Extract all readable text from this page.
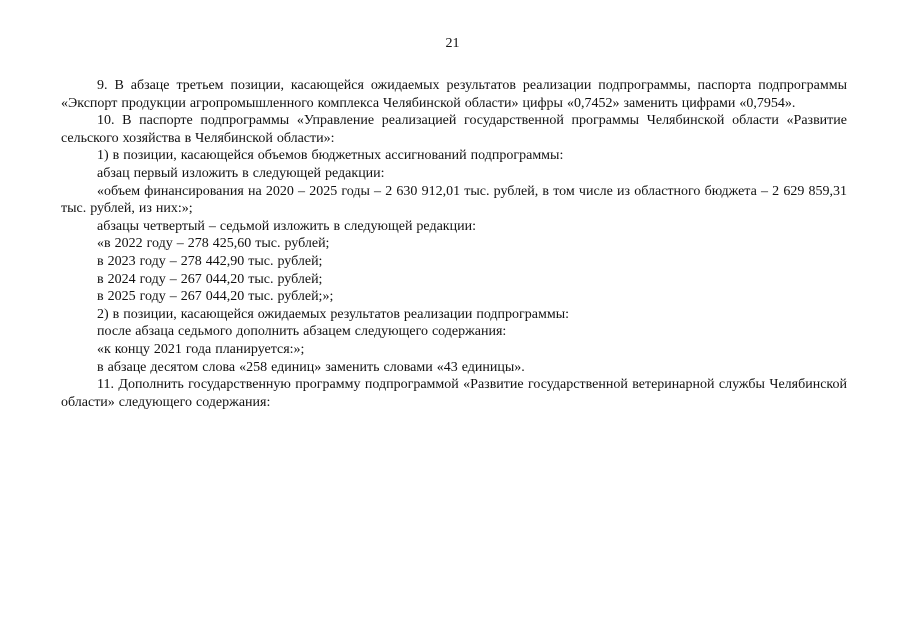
21

9. В абзаце третьем позиции, касающейся ожидаемых результатов реализации подпрограммы, паспорта подпрограммы «Экспорт продукции агропромышленного комплекса Челябинской области» цифры «0,7452» заменить цифрами «0,7954».

10. В паспорте подпрограммы «Управление реализацией государственной программы Челябинской области «Развитие сельского хозяйства в Челябинской области»:

1) в позиции, касающейся объемов бюджетных ассигнований подпрограммы:

абзац первый изложить в следующей редакции:

«объем финансирования на 2020 – 2025 годы – 2 630 912,01 тыс. рублей, в том числе из областного бюджета – 2 629 859,31 тыс. рублей, из них:»;

абзацы четвертый – седьмой изложить в следующей редакции:

«в 2022 году – 278 425,60 тыс. рублей;

в 2023 году – 278 442,90 тыс. рублей;

в 2024 году – 267 044,20 тыс. рублей;

в 2025 году – 267 044,20 тыс. рублей;»;

2) в позиции, касающейся ожидаемых результатов реализации подпрограммы:

после абзаца седьмого дополнить абзацем следующего содержания:

«к концу 2021 года планируется:»;

в абзаце десятом слова «258 единиц» заменить словами «43 единицы».

11. Дополнить государственную программу подпрограммой «Развитие государственной ветеринарной службы Челябинской области» следующего содержания:
